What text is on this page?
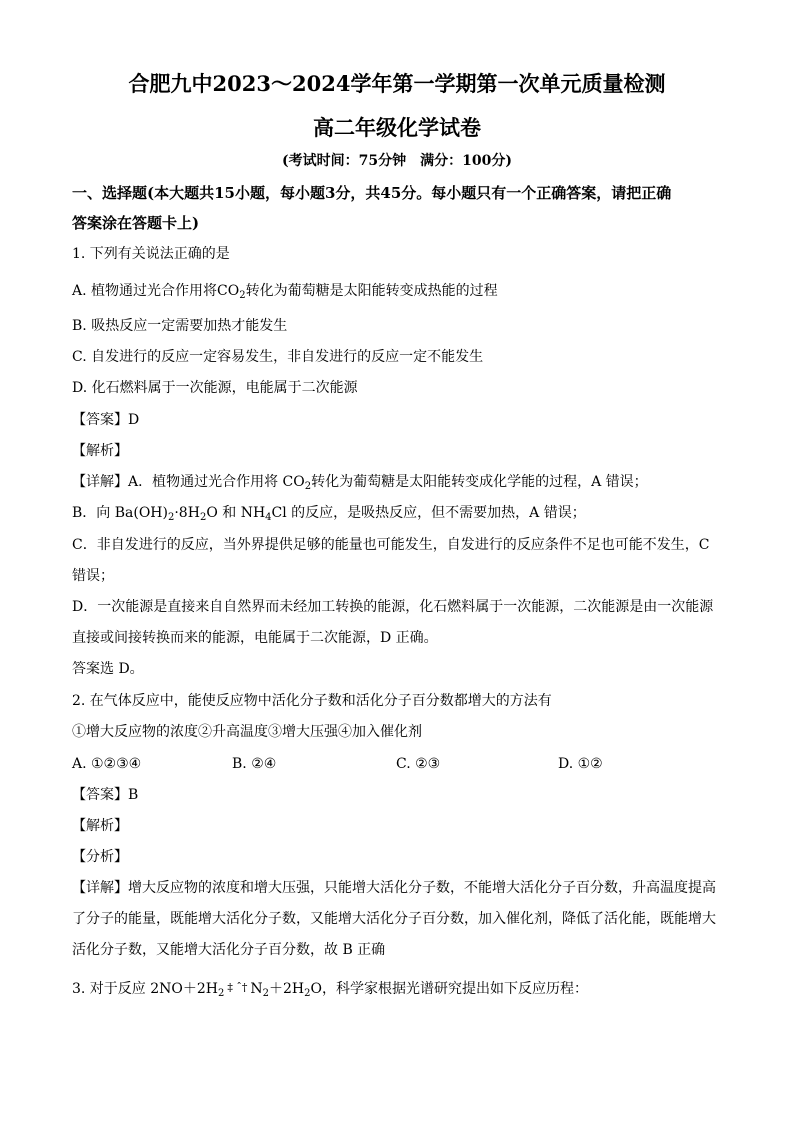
合肥九中2023～2024学年第一学期第一次单元质量检测
高二年级化学试卷
(考试时间：75分钟　满分：100分)
一、选择题(本大题共15小题，每小题3分，共45分。每小题只有一个正确答案，请把正确
答案涂在答题卡上)
1. 下列有关说法正确的是
A. 植物通过光合作用将$CO_2$转化为葡萄糖是太阳能转变成热能的过程
B. 吸热反应一定需要加热才能发生
C. 自发进行的反应一定容易发生，非自发进行的反应一定不能发生
D. 化石燃料属于一次能源，电能属于二次能源
【答案】D
【解析】
【详解】A．植物通过光合作用将 $CO_2$转化为葡萄糖是太阳能转变成化学能的过程，A 错误；
B．向 $Ba(OH)_2\cdot 8H_2O$ 和 $NH_4Cl$ 的反应，是吸热反应，但不需要加热，A 错误；
C．非自发进行的反应，当外界提供足够的能量也可能发生，自发进行的反应条件不足也可能不发生，C
错误；
D．一次能源是直接来自自然界而未经加工转换的能源，化石燃料属于一次能源，二次能源是由一次能源
直接或间接转换而来的能源，电能属于二次能源，D 正确。
答案选 D。
2. 在气体反应中，能使反应物中活化分子数和活化分子百分数都增大的方法有
①增大反应物的浓度②升高温度③增大压强④加入催化剂
A. ①②③④	B. ②④	C. ②③	D. ①②
【答案】B
【解析】
【分析】
【详解】增大反应物的浓度和增大压强，只能增大活化分子数，不能增大活化分子百分数，升高温度提高
了分子的能量，既能增大活化分子数，又能增大活化分子百分数，加入催化剂，降低了活化能，既能增大
活化分子数，又能增大活化分子百分数，故 B 正确
3. 对于反应 $2NO+2H_2$ ‡ ˆ† $N_2+2H_2O$，科学家根据光谱研究提出如下反应历程：
